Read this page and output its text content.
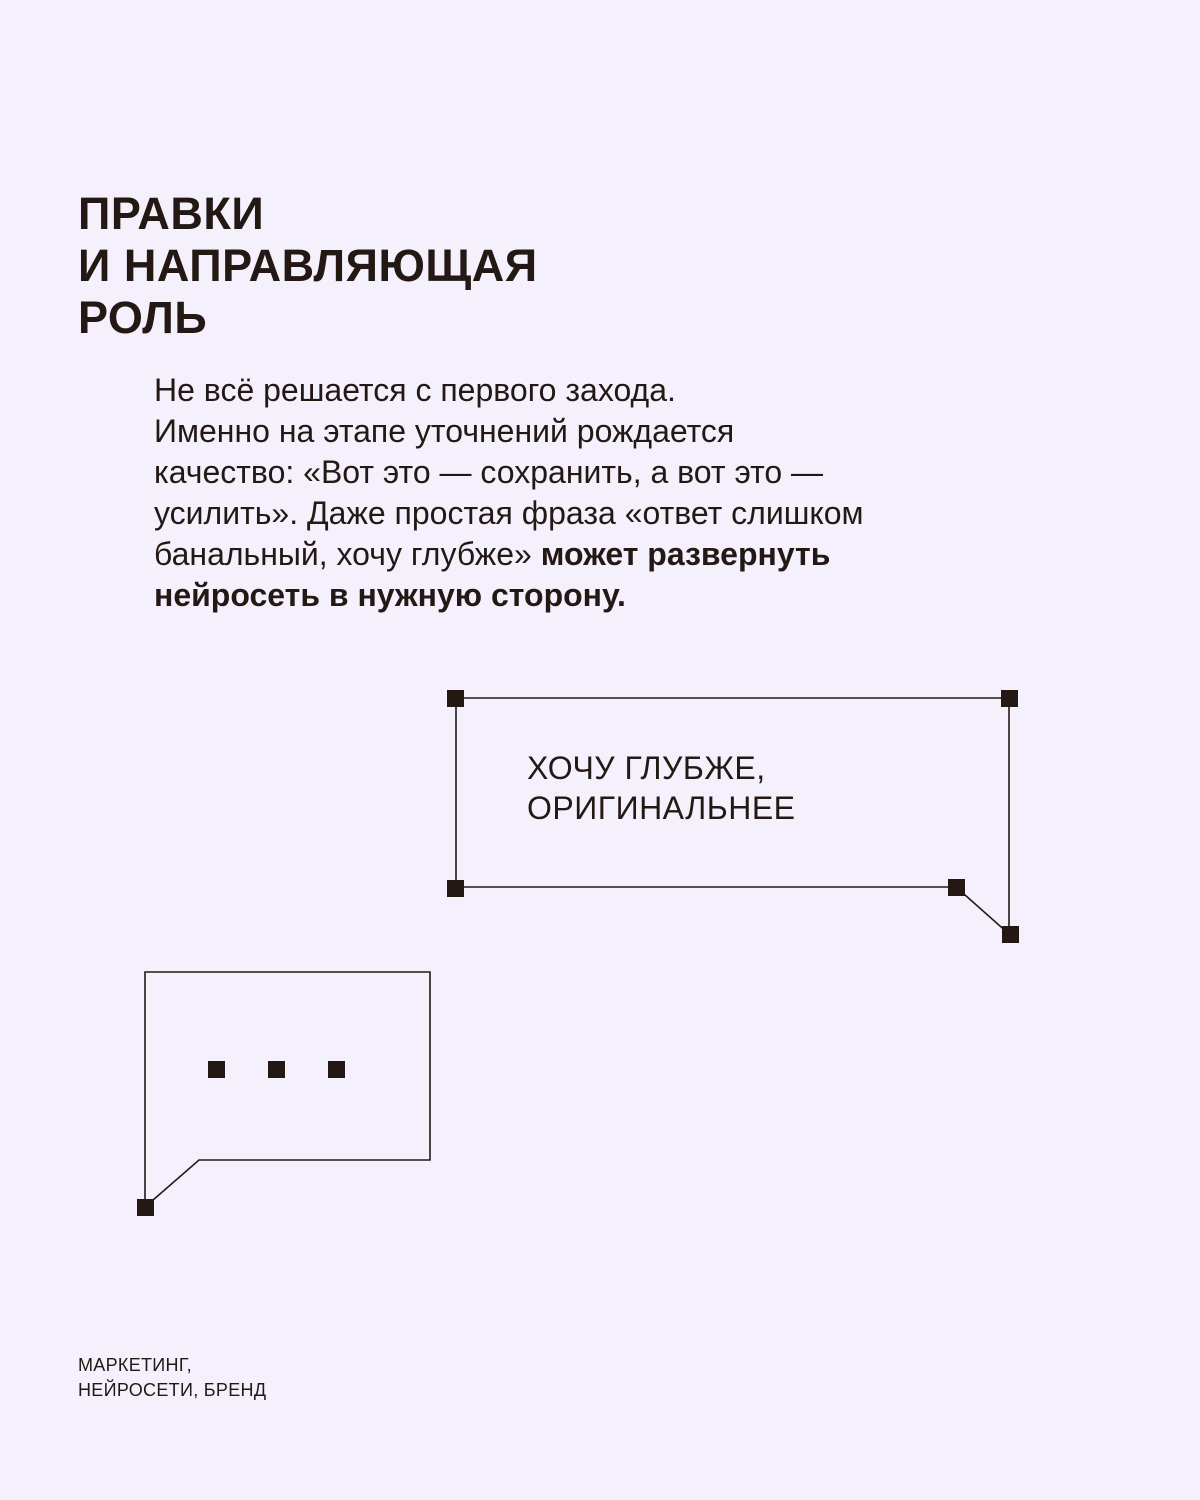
ПРАВКИ
И НАПРАВЛЯЮЩАЯ
РОЛЬ

Не всё решается с первого захода.
Именно на этапе уточнений рождается
качество: «Вот это — сохранить, а вот это —
усилить». Даже простая фраза «ответ слишком
банальный, хочу глубже» может развернуть
нейросеть в нужную сторону.

ХОЧУ ГЛУБЖЕ,
ОРИГИНАЛЬНЕЕ
МАРКЕТИНГ,
НЕЙРОСЕТИ, БРЕНД
